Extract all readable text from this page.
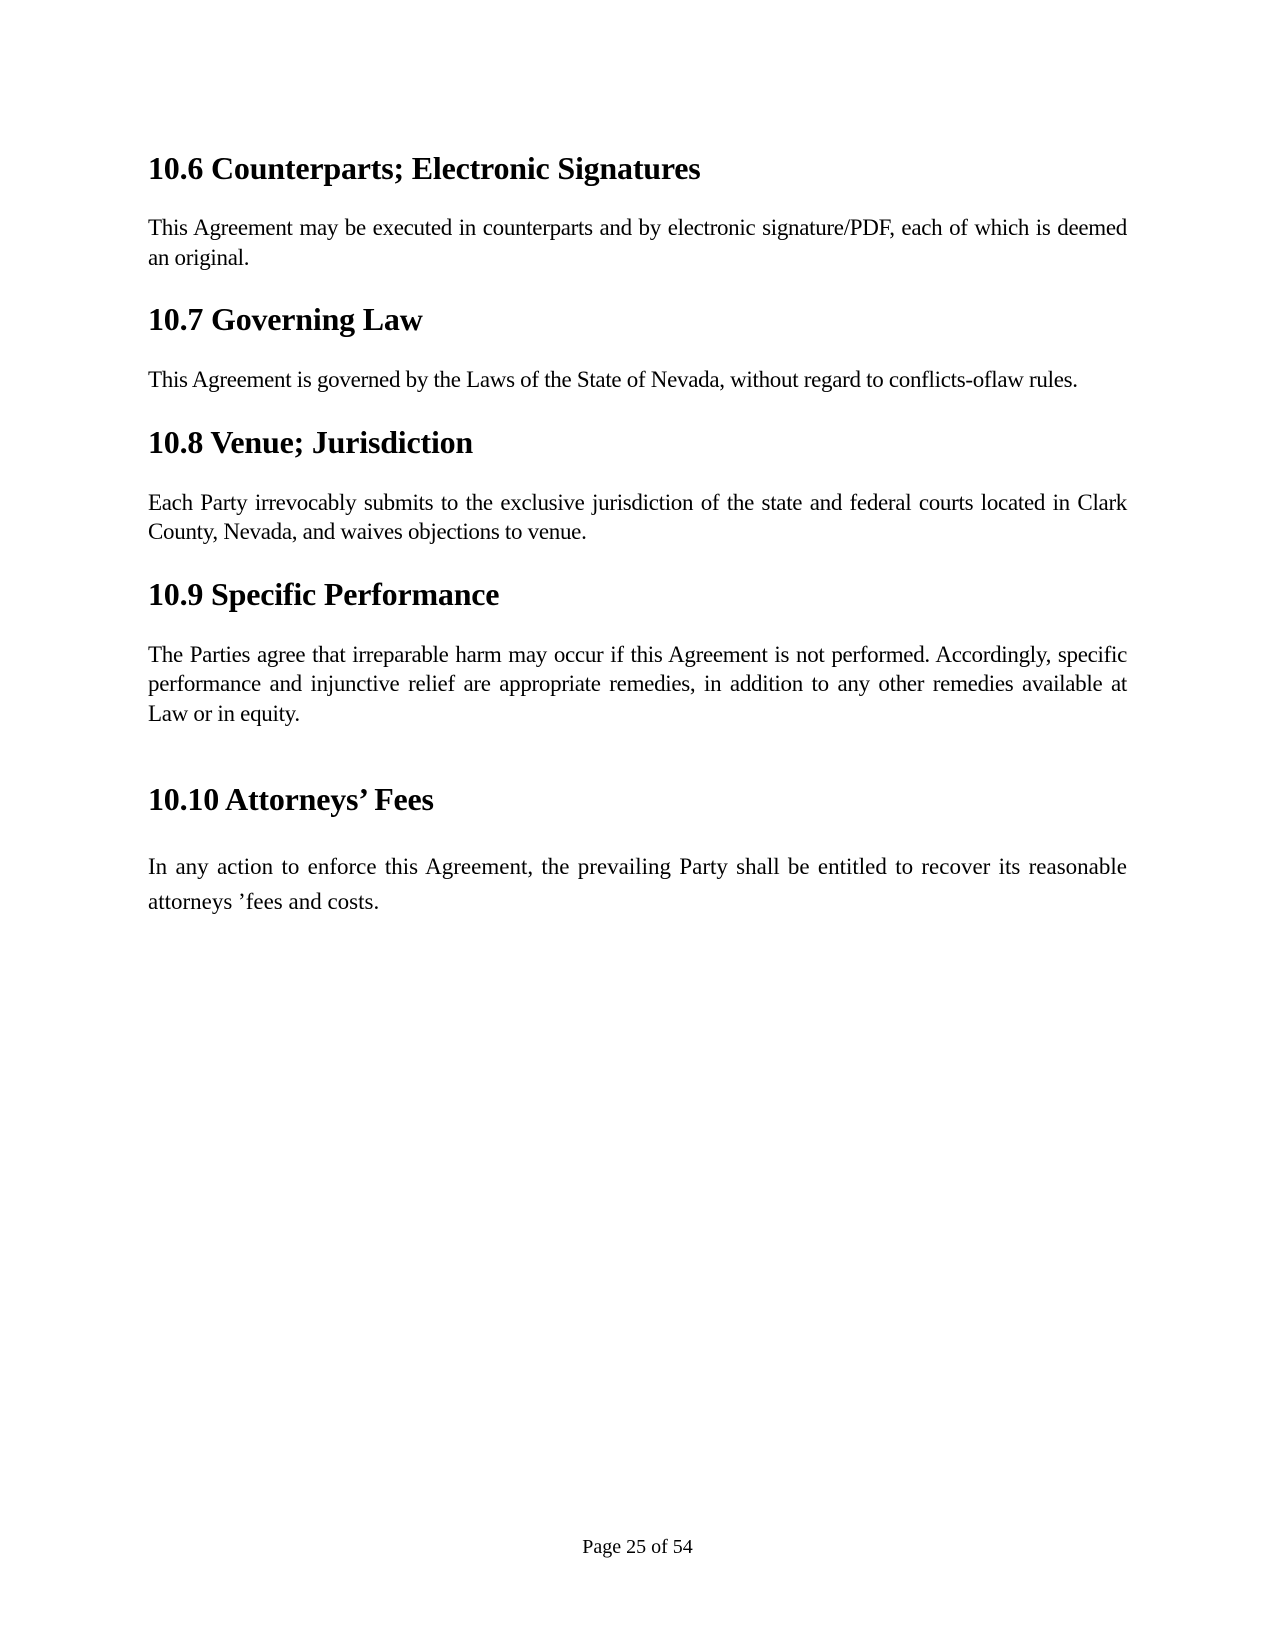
10.6 Counterparts; Electronic Signatures

This Agreement may be executed in counterparts and by electronic signature/PDF, each of which is deemed an original.

10.7 Governing Law

This Agreement is governed by the Laws of the State of Nevada, without regard to conflicts-oflaw rules.

10.8 Venue; Jurisdiction

Each Party irrevocably submits to the exclusive jurisdiction of the state and federal courts located in Clark County, Nevada, and waives objections to venue.

10.9 Specific Performance

The Parties agree that irreparable harm may occur if this Agreement is not performed. Accordingly, specific performance and injunctive relief are appropriate remedies, in addition to any other remedies available at Law or in equity.

10.10 Attorneys’ Fees

In any action to enforce this Agreement, the prevailing Party shall be entitled to recover its reasonable attorneys ’fees and costs.

Page 25 of 54
